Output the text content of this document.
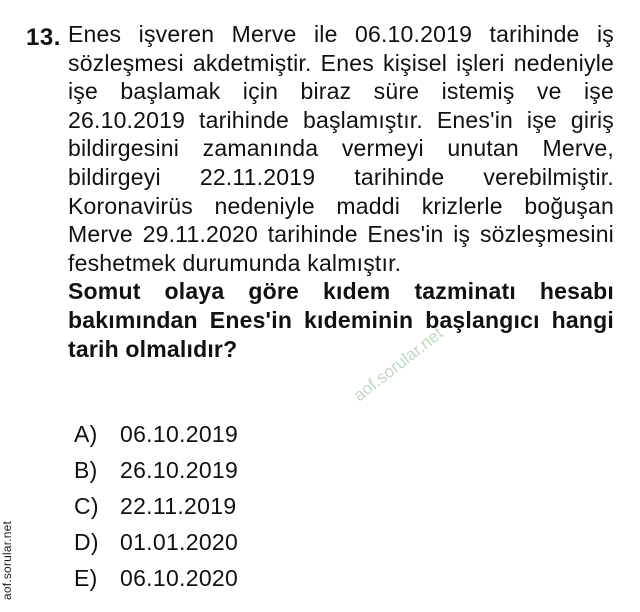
13. Enes işveren Merve ile 06.10.2019 tarihinde iş sözleşmesi akdetmiştir. Enes kişisel işleri nedeniyle işe başlamak için biraz süre istemiş ve işe 26.10.2019 tarihinde başlamıştır. Enes'in işe giriş bildirgesini zamanında vermeyi unutan Merve, bildirgeyi 22.11.2019 tarihinde verebilmiştir. Koronavirüs nedeniyle maddi krizlerle boğuşan Merve 29.11.2020 tarihinde Enes'in iş sözleşmesini feshetmek durumunda kalmıştır.

Somut olaya göre kıdem tazminatı hesabı bakımından Enes'in kıdeminin başlangıcı hangi tarih olmalıdır?

A) 06.10.2019
B) 26.10.2019
C) 22.11.2019
D) 01.01.2020
E) 06.10.2020
aof.sorular.net
aof.sorular.net
